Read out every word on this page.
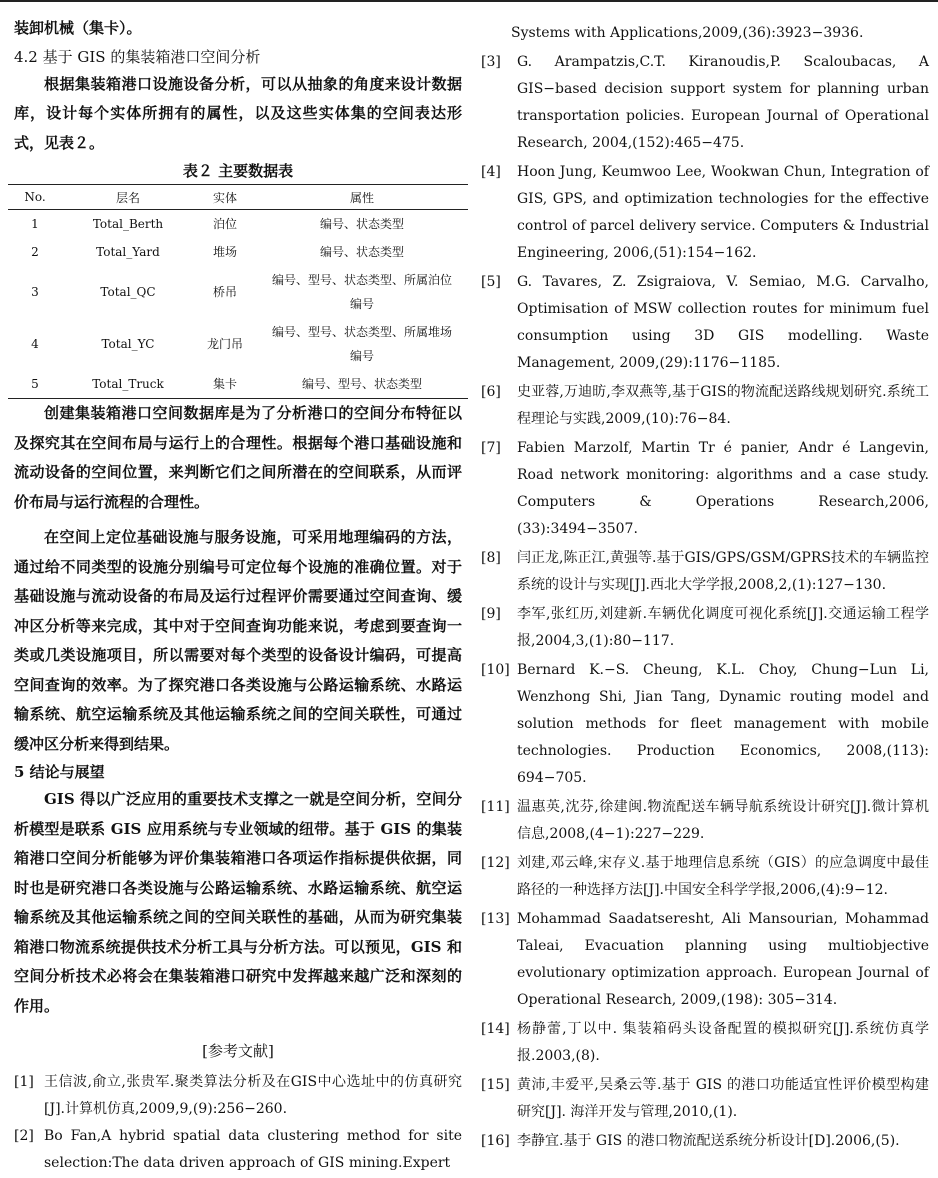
装卸机械（集卡）。

4.2 基于 GIS 的集装箱港口空间分析

根据集装箱港口设施设备分析，可以从抽象的角度来设计数据库，设计每个实体所拥有的属性，以及这些实体集的空间表达形式，见表２。

表２ 主要数据表

No.	层名	实体	属性
1	Total_Berth	泊位	编号、状态类型
2	Total_Yard	堆场	编号、状态类型
3	Total_QC	桥吊	编号、型号、状态类型、所属泊位编号
4	Total_YC	龙门吊	编号、型号、状态类型、所属堆场编号
5	Total_Truck	集卡	编号、型号、状态类型

创建集装箱港口空间数据库是为了分析港口的空间分布特征以及探究其在空间布局与运行上的合理性。根据每个港口基础设施和流动设备的空间位置，来判断它们之间所潜在的空间联系，从而评价布局与运行流程的合理性。

在空间上定位基础设施与服务设施，可采用地理编码的方法，通过给不同类型的设施分别编号可定位每个设施的准确位置。对于基础设施与流动设备的布局及运行过程评价需要通过空间查询、缓冲区分析等来完成，其中对于空间查询功能来说，考虑到要查询一类或几类设施项目，所以需要对每个类型的设备设计编码，可提高空间查询的效率。为了探究港口各类设施与公路运输系统、水路运输系统、航空运输系统及其他运输系统之间的空间关联性，可通过缓冲区分析来得到结果。

5 结论与展望

GIS 得以广泛应用的重要技术支撑之一就是空间分析，空间分析模型是联系 GIS 应用系统与专业领域的纽带。基于 GIS 的集装箱港口空间分析能够为评价集装箱港口各项运作指标提供依据，同时也是研究港口各类设施与公路运输系统、水路运输系统、航空运输系统及其他运输系统之间的空间关联性的基础，从而为研究集装箱港口物流系统提供技术分析工具与分析方法。可以预见，GIS 和空间分析技术必将会在集装箱港口研究中发挥越来越广泛和深刻的作用。

[参考文献]

[1] 王信波,俞立,张贵军.聚类算法分析及在GIS中心选址中的仿真研究[J].计算机仿真,2009,9,(9):256−260.
[2] Bo Fan,A hybrid spatial data clustering method for site selection:The data driven approach of GIS mining.Expert
Systems with Applications,2009,(36):3923−3936.
[3]	G. Arampatzis,C.T. Kiranoudis,P. Scaloubacas, A GIS−based decision support system for planning urban transportation policies. European Journal of Operational Research, 2004,(152):465−475.
[4]	Hoon Jung, Keumwoo Lee, Wookwan Chun, Integration of GIS, GPS, and optimization technologies for the effective control of parcel delivery service. Computers & Industrial Engineering, 2006,(51):154−162.
[5]	G. Tavares, Z. Zsigraiova, V. Semiao, M.G. Carvalho, Optimisation of MSW collection routes for minimum fuel consumption using 3D GIS modelling. Waste Management, 2009,(29):1176−1185.
[6]	史亚蓉,万迪昉,李双燕等,基于GIS的物流配送路线规划研究.系统工程理论与实践,2009,(10):76−84.
[7]	Fabien Marzolf, Martin Tr é panier, Andr é Langevin, Road network monitoring: algorithms and a case study. Computers & Operations Research,2006,(33):3494−3507.
[8]	闫正龙,陈正江,黄强等.基于GIS/GPS/GSM/GPRS技术的车辆监控系统的设计与实现[J].西北大学学报,2008,2,(1):127−130.
[9]	李军,张红历,刘建新.车辆优化调度可视化系统[J].交通运输工程学报,2004,3,(1):80−117.
[10] Bernard K.−S. Cheung, K.L. Choy, Chung−Lun Li, Wenzhong Shi, Jian Tang, Dynamic routing model and solution methods for fleet management with mobile technologies. Production Economics, 2008,(113): 694−705.
[11] 温惠英,沈芬,徐建闽.物流配送车辆导航系统设计研究[J].微计算机信息,2008,(4−1):227−229.
[12] 刘建,邓云峰,宋存义.基于地理信息系统（GIS）的应急调度中最佳路径的一种选择方法[J].中国安全科学学报,2006,(4):9−12.
[13] Mohammad Saadatseresht, Ali Mansourian, Mohammad Taleai, Evacuation planning using multiobjective evolutionary optimization approach. European Journal of Operational Research, 2009,(198): 305−314.
[14] 杨静蕾,丁以中. 集装箱码头设备配置的模拟研究[J].系统仿真学报.2003,(8).
[15] 黄沛,丰爱平,吴桑云等.基于 GIS 的港口功能适宜性评价模型构建研究[J]. 海洋开发与管理,2010,(1).
[16] 李静宜.基于 GIS 的港口物流配送系统分析设计[D].2006,(5).
